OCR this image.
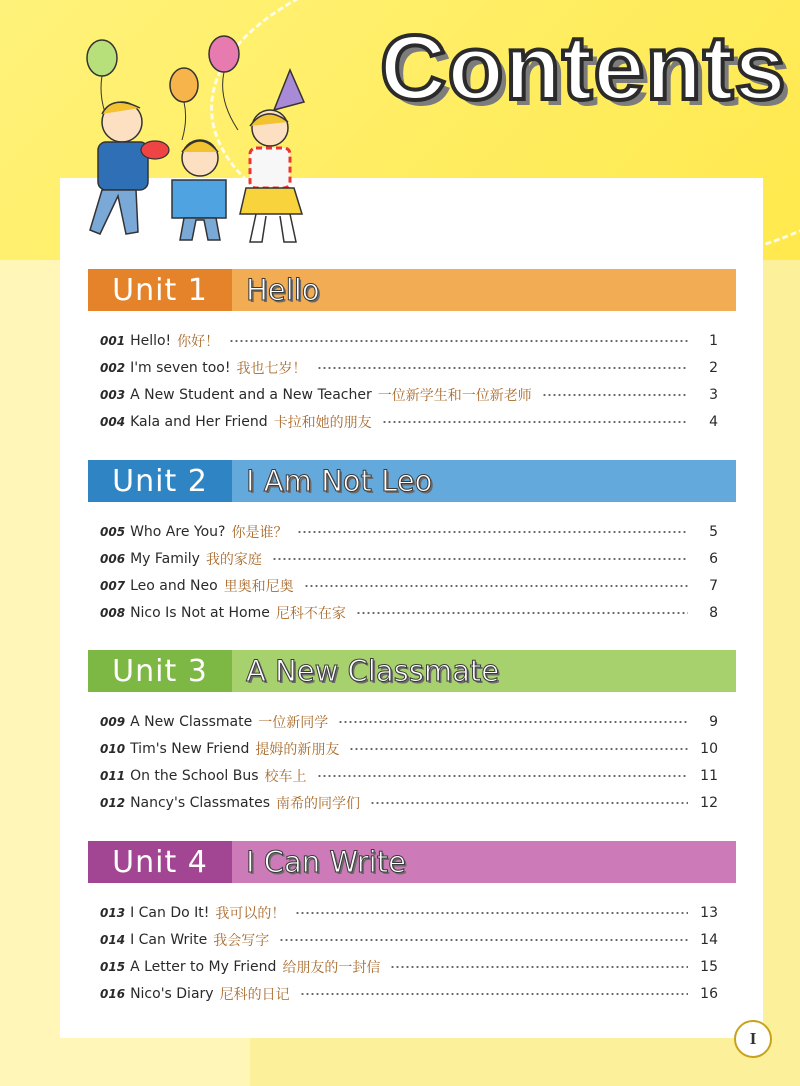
Contents
Unit 1	Hello
001 Hello! 你好！	1
002 I'm seven too! 我也七岁！	2
003 A New Student and a New Teacher 一位新学生和一位新老师	3
004 Kala and Her Friend 卡拉和她的朋友	4
Unit 2	I Am Not Leo
005 Who Are You? 你是谁？	5
006 My Family 我的家庭	6
007 Leo and Neo 里奥和尼奥	7
008 Nico Is Not at Home 尼科不在家	8
Unit 3	A New Classmate
009 A New Classmate 一位新同学	9
010 Tim's New Friend 提姆的新朋友	10
011 On the School Bus 校车上	11
012 Nancy's Classmates 南希的同学们	12
Unit 4	I Can Write
013 I Can Do It! 我可以的！	13
014 I Can Write 我会写字	14
015 A Letter to My Friend 给朋友的一封信	15
016 Nico's Diary 尼科的日记	16
I
